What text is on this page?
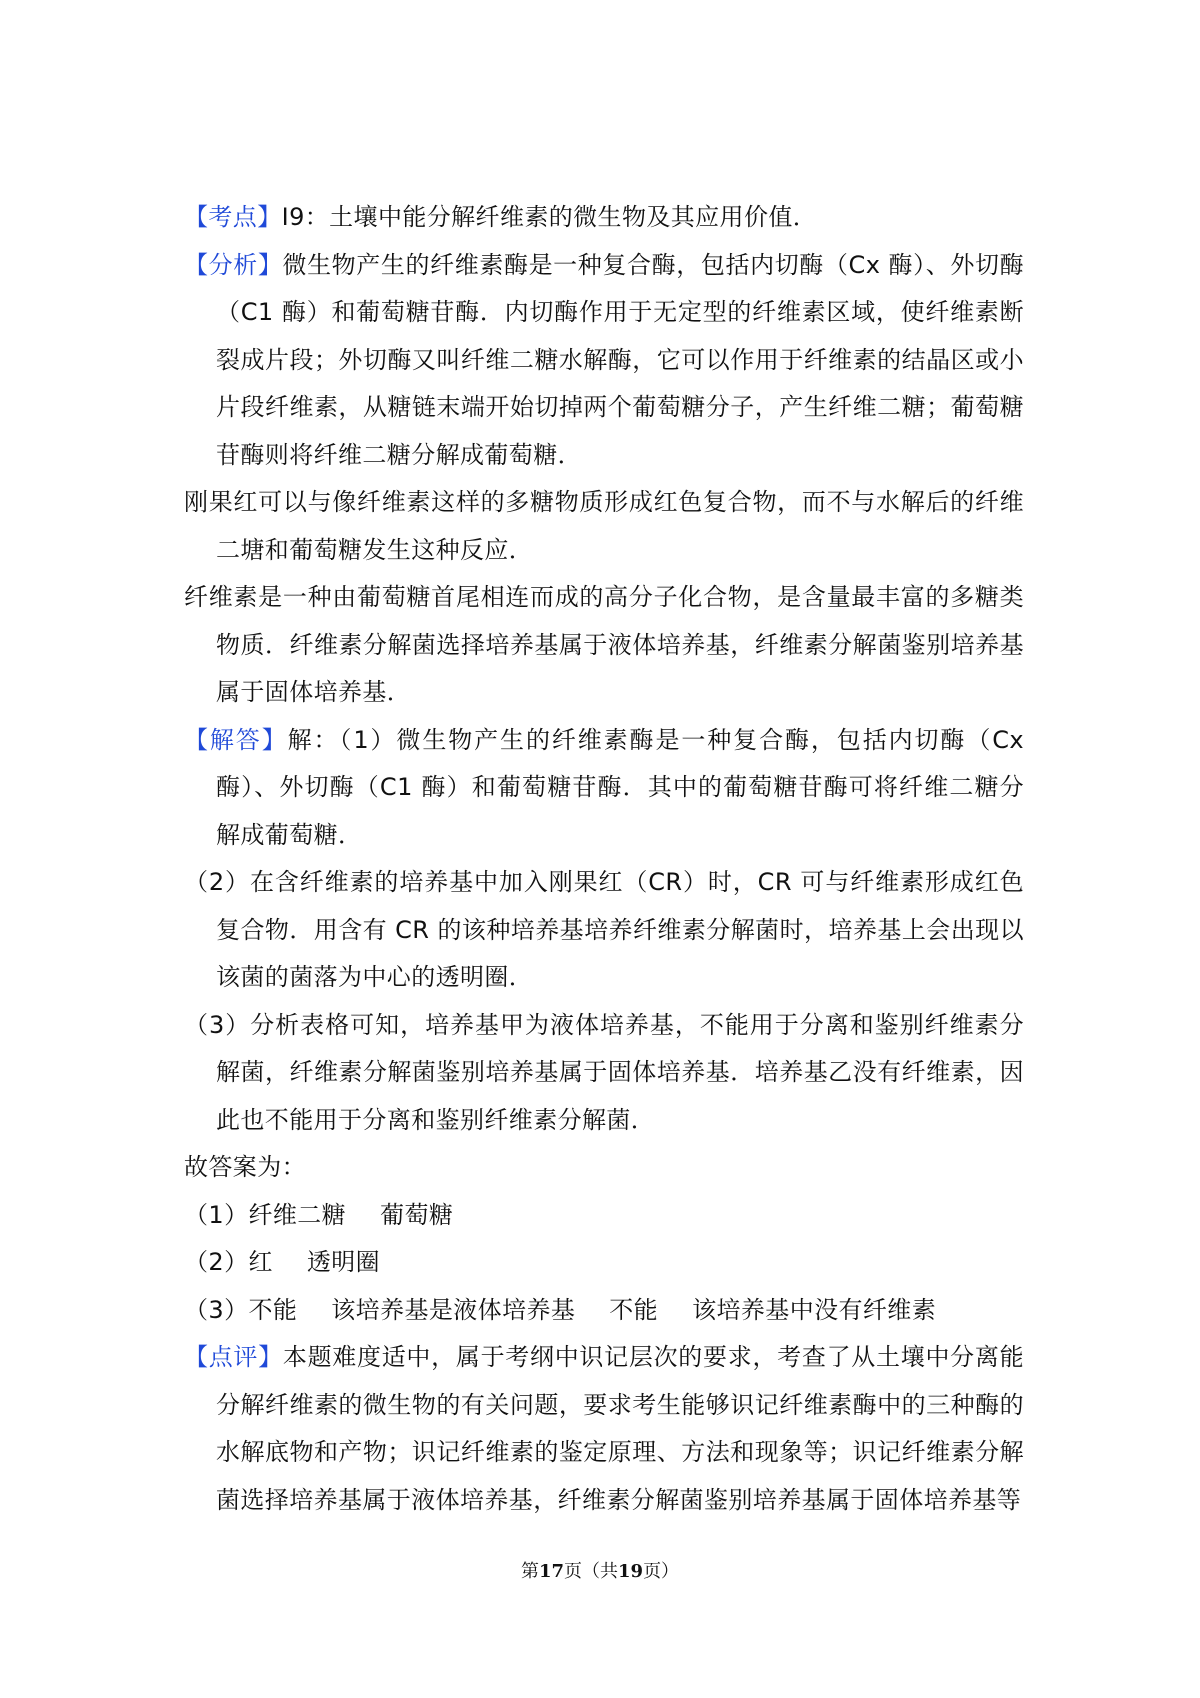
【考点】I9：土壤中能分解纤维素的微生物及其应用价值．

【分析】微生物产生的纤维素酶是一种复合酶，包括内切酶（Cx 酶）、外切酶（C1 酶）和葡萄糖苷酶．内切酶作用于无定型的纤维素区域，使纤维素断裂成片段；外切酶又叫纤维二糖水解酶，它可以作用于纤维素的结晶区或小片段纤维素，从糖链末端开始切掉两个葡萄糖分子，产生纤维二糖；葡萄糖苷酶则将纤维二糖分解成葡萄糖．

刚果红可以与像纤维素这样的多糖物质形成红色复合物，而不与水解后的纤维二塘和葡萄糖发生这种反应．

纤维素是一种由葡萄糖首尾相连而成的高分子化合物，是含量最丰富的多糖类物质．纤维素分解菌选择培养基属于液体培养基，纤维素分解菌鉴别培养基属于固体培养基．

【解答】解：（1）微生物产生的纤维素酶是一种复合酶，包括内切酶（Cx 酶）、外切酶（C1 酶）和葡萄糖苷酶．其中的葡萄糖苷酶可将纤维二糖分解成葡萄糖．

（2）在含纤维素的培养基中加入刚果红（CR）时，CR 可与纤维素形成红色复合物．用含有 CR 的该种培养基培养纤维素分解菌时，培养基上会出现以该菌的菌落为中心的透明圈．

（3）分析表格可知，培养基甲为液体培养基，不能用于分离和鉴别纤维素分解菌，纤维素分解菌鉴别培养基属于固体培养基．培养基乙没有纤维素，因此也不能用于分离和鉴别纤维素分解菌．

故答案为：

（1）纤维二糖 葡萄糖

（2）红 透明圈

（3）不能 该培养基是液体培养基 不能 该培养基中没有纤维素

【点评】本题难度适中，属于考纲中识记层次的要求，考查了从土壤中分离能分解纤维素的微生物的有关问题，要求考生能够识记纤维素酶中的三种酶的水解底物和产物；识记纤维素的鉴定原理、方法和现象等；识记纤维素分解菌选择培养基属于液体培养基，纤维素分解菌鉴别培养基属于固体培养基等

第17页（共19页）
